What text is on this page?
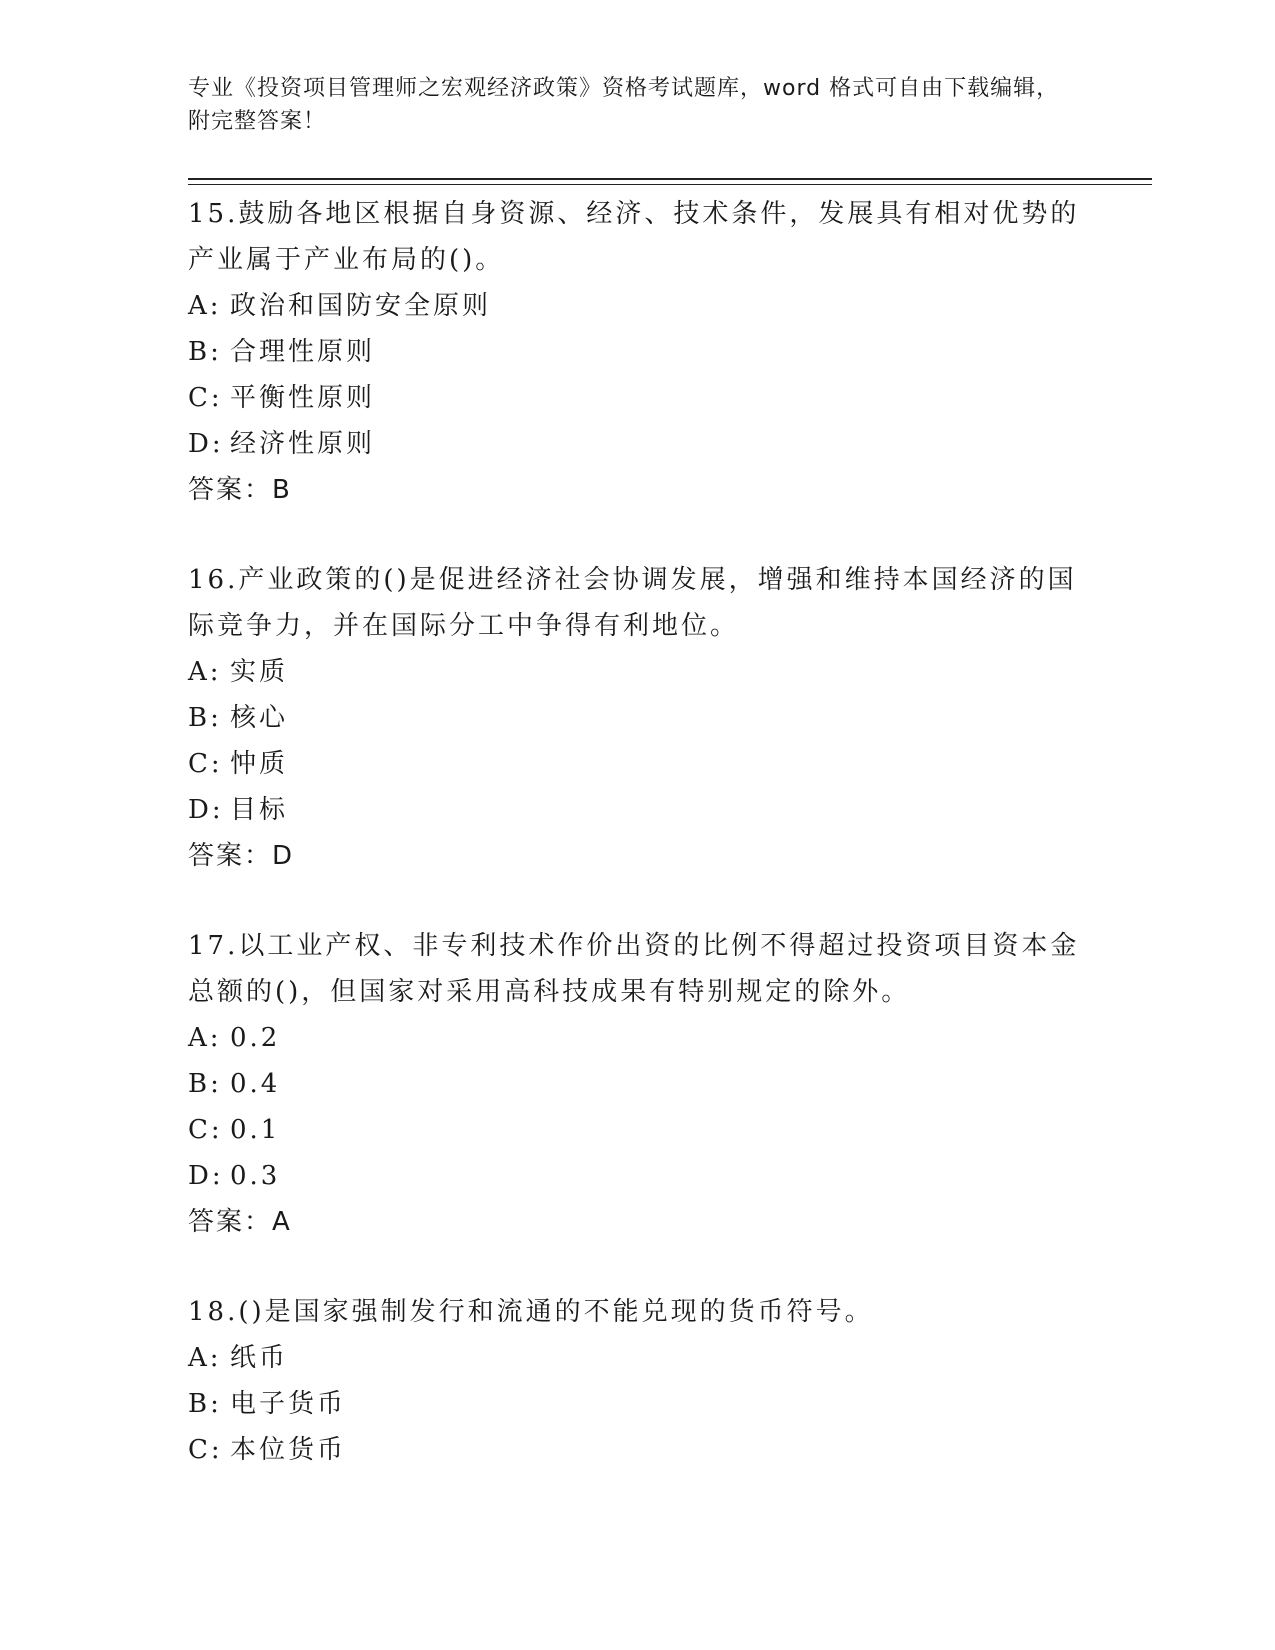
专业《投资项目管理师之宏观经济政策》资格考试题库，word 格式可自由下载编辑，附完整答案！

15.鼓励各地区根据自身资源、经济、技术条件，发展具有相对优势的产业属于产业布局的()。

A: 政治和国防安全原则
B: 合理性原则
C: 平衡性原则
D: 经济性原则

答案：B

16.产业政策的()是促进经济社会协调发展，增强和维持本国经济的国际竞争力，并在国际分工中争得有利地位。

A: 实质
B: 核心
C: 忡质
D: 目标

答案：D

17.以工业产权、非专利技术作价出资的比例不得超过投资项目资本金总额的()，但国家对采用高科技成果有特别规定的除外。

A: 0.2
B: 0.4
C: 0.1
D: 0.3

答案：A

18.()是国家强制发行和流通的不能兑现的货币符号。

A: 纸币
B: 电子货币
C: 本位货币
